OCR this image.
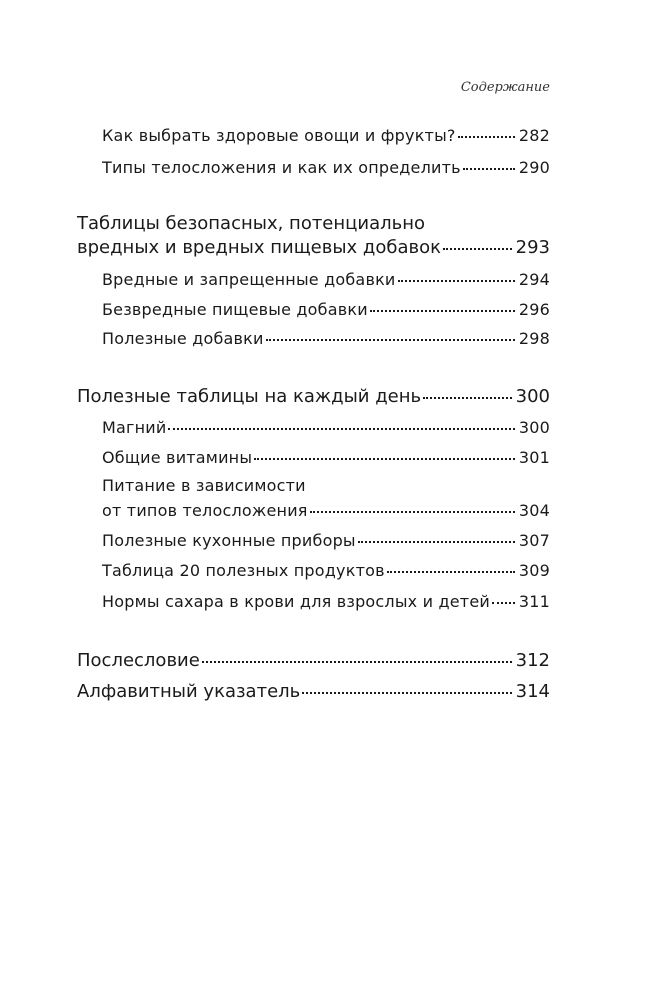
Содержание
Как выбрать здоровые овощи и фрукты?	282
Типы телосложения и как их определить	290
Таблицы безопасных, потенциально
вредных и вредных пищевых добавок	293
Вредные и запрещенные добавки	294
Безвредные пищевые добавки	296
Полезные добавки	298
Полезные таблицы на каждый день	300
Магний	300
Общие витамины	301
Питание в зависимости
от типов телосложения	304
Полезные кухонные приборы	307
Таблица 20 полезных продуктов	309
Нормы сахара в крови для взрослых и детей 311
Послесловие	312
Алфавитный указатель	314
